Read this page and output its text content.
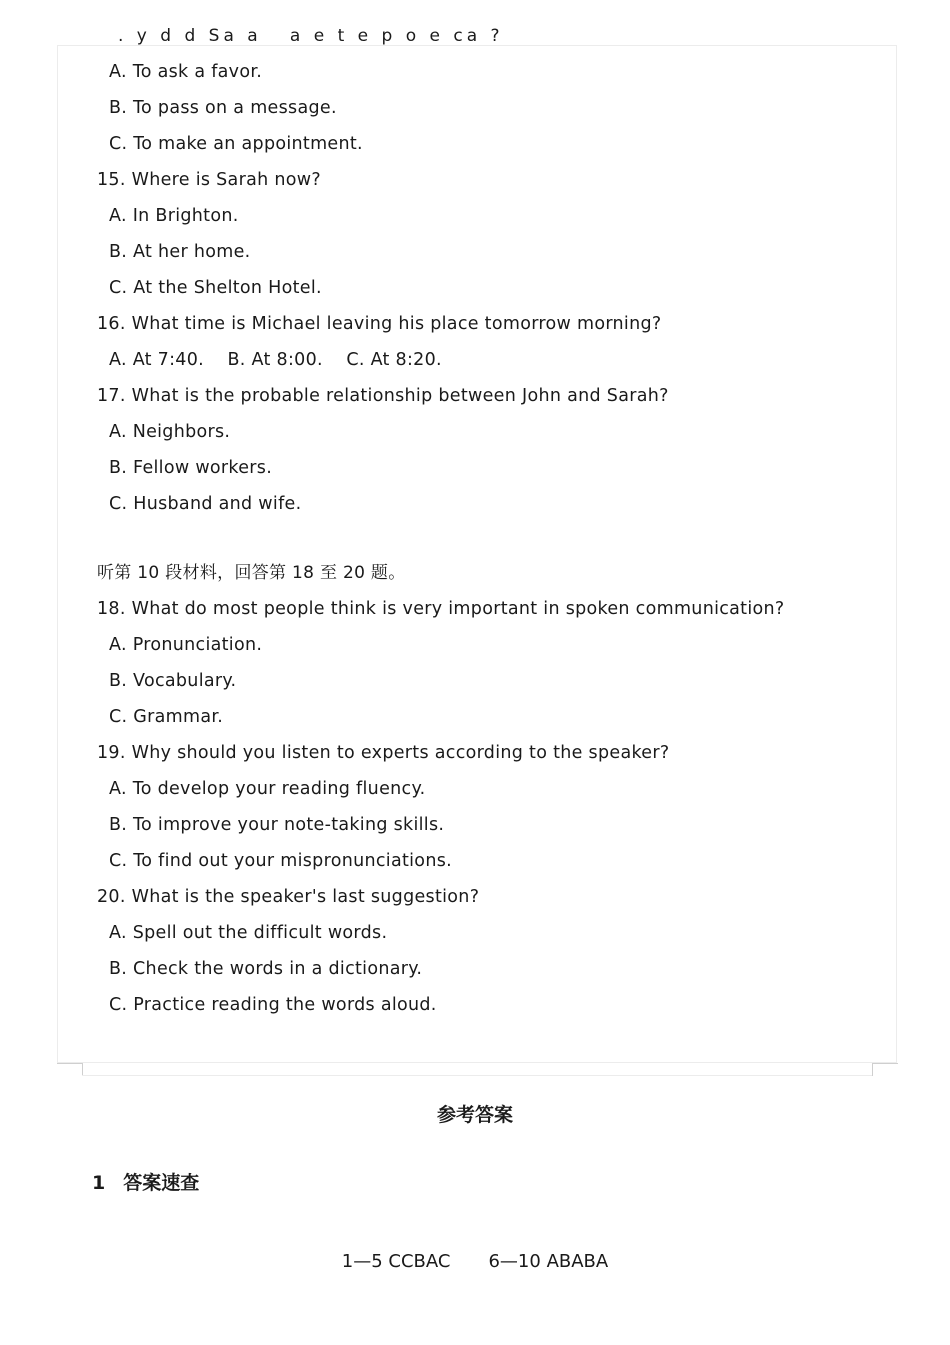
. y d d Sa a   a e t e p o e ca ?
A. To ask a favor.
B. To pass on a message.
C. To make an appointment.
15. Where is Sarah now?
A. In Brighton.
B. At her home.
C. At the Shelton Hotel.
16. What time is Michael leaving his place tomorrow morning?
A. At 7:40.    B. At 8:00.    C. At 8:20.
17. What is the probable relationship between John and Sarah?
A. Neighbors.
B. Fellow workers.
C. Husband and wife.
听第 10 段材料，回答第 18 至 20 题。
18. What do most people think is very important in spoken communication?
A. Pronunciation.
B. Vocabulary.
C. Grammar.
19. Why should you listen to experts according to the speaker?
A. To develop your reading fluency.
B. To improve your note-taking skills.
C. To find out your mispronunciations.
20. What is the speaker's last suggestion?
A. Spell out the difficult words.
B. Check the words in a dictionary.
C. Practice reading the words aloud.
参考答案
1 答案速查
1—5 CCBAC 6—10 ABABA
